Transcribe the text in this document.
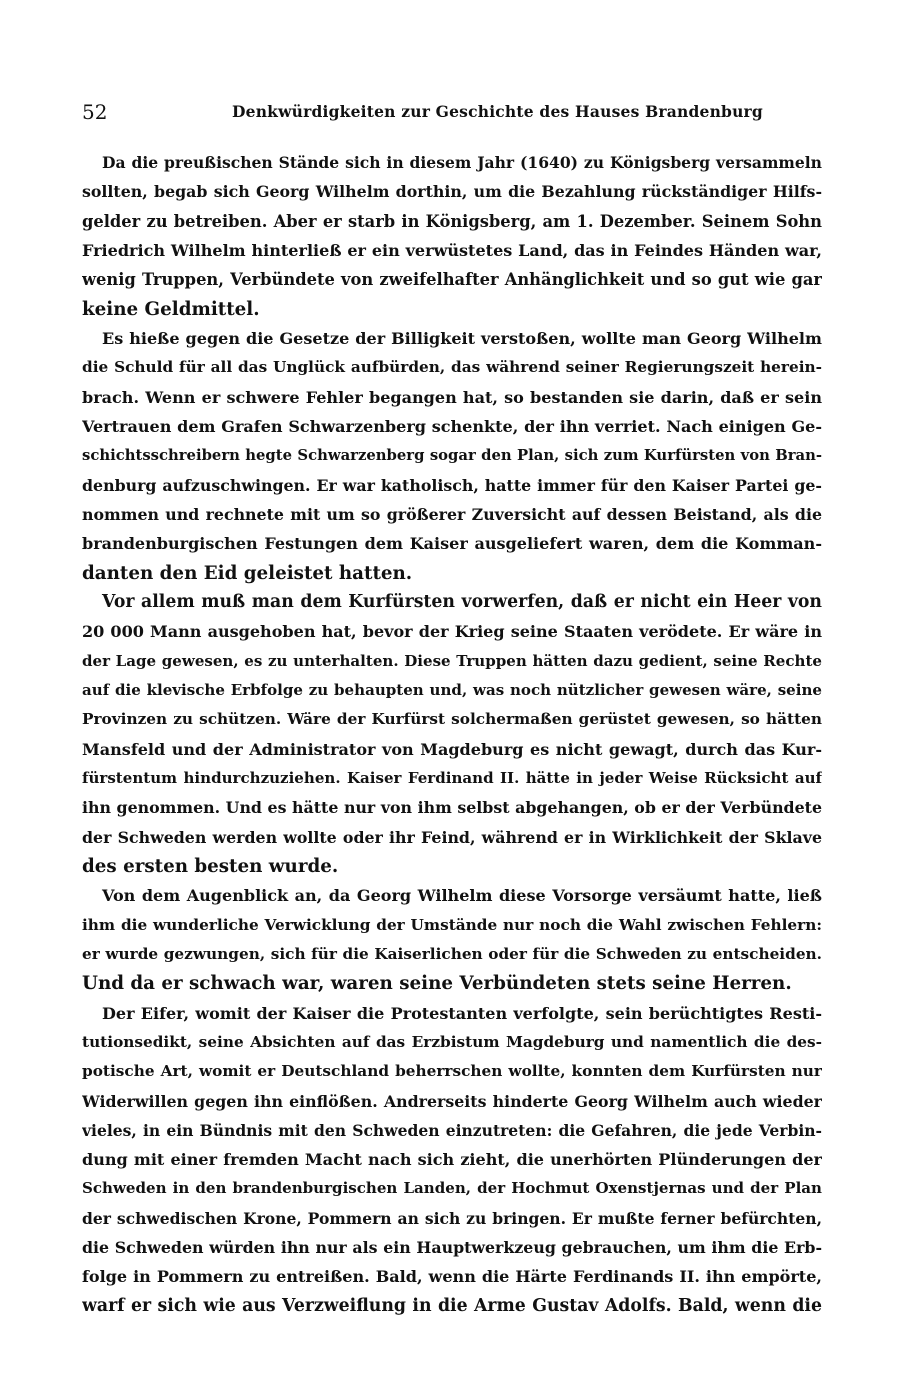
52	Denkwürdigkeiten zur Geschichte des Hauses Brandenburg
Da die preußischen Stände sich in diesem Jahr (1640) zu Königsberg versammeln
sollten, begab sich Georg Wilhelm dorthin, um die Bezahlung rückständiger Hilfs-
gelder zu betreiben. Aber er starb in Königsberg, am 1. Dezember. Seinem Sohn
Friedrich Wilhelm hinterließ er ein verwüstetes Land, das in Feindes Händen war,
wenig Truppen, Verbündete von zweifelhafter Anhänglichkeit und so gut wie gar
keine Geldmittel.
Es hieße gegen die Gesetze der Billigkeit verstoßen, wollte man Georg Wilhelm
die Schuld für all das Unglück aufbürden, das während seiner Regierungszeit herein-
brach. Wenn er schwere Fehler begangen hat, so bestanden sie darin, daß er sein
Vertrauen dem Grafen Schwarzenberg schenkte, der ihn verriet. Nach einigen Ge-
schichtsschreibern hegte Schwarzenberg sogar den Plan, sich zum Kurfürsten von Bran-
denburg aufzuschwingen. Er war katholisch, hatte immer für den Kaiser Partei ge-
nommen und rechnete mit um so größerer Zuversicht auf dessen Beistand, als die
brandenburgischen Festungen dem Kaiser ausgeliefert waren, dem die Komman-
danten den Eid geleistet hatten.
Vor allem muß man dem Kurfürsten vorwerfen, daß er nicht ein Heer von
20 000 Mann ausgehoben hat, bevor der Krieg seine Staaten verödete. Er wäre in
der Lage gewesen, es zu unterhalten. Diese Truppen hätten dazu gedient, seine Rechte
auf die klevische Erbfolge zu behaupten und, was noch nützlicher gewesen wäre, seine
Provinzen zu schützen. Wäre der Kurfürst solchermaßen gerüstet gewesen, so hätten
Mansfeld und der Administrator von Magdeburg es nicht gewagt, durch das Kur-
fürstentum hindurchzuziehen. Kaiser Ferdinand II. hätte in jeder Weise Rücksicht auf
ihn genommen. Und es hätte nur von ihm selbst abgehangen, ob er der Verbündete
der Schweden werden wollte oder ihr Feind, während er in Wirklichkeit der Sklave
des ersten besten wurde.
Von dem Augenblick an, da Georg Wilhelm diese Vorsorge versäumt hatte, ließ
ihm die wunderliche Verwicklung der Umstände nur noch die Wahl zwischen Fehlern:
er wurde gezwungen, sich für die Kaiserlichen oder für die Schweden zu entscheiden.
Und da er schwach war, waren seine Verbündeten stets seine Herren.
Der Eifer, womit der Kaiser die Protestanten verfolgte, sein berüchtigtes Resti-
tutionsedikt, seine Absichten auf das Erzbistum Magdeburg und namentlich die des-
potische Art, womit er Deutschland beherrschen wollte, konnten dem Kurfürsten nur
Widerwillen gegen ihn einflößen. Andrerseits hinderte Georg Wilhelm auch wieder
vieles, in ein Bündnis mit den Schweden einzutreten: die Gefahren, die jede Verbin-
dung mit einer fremden Macht nach sich zieht, die unerhörten Plünderungen der
Schweden in den brandenburgischen Landen, der Hochmut Oxenstjernas und der Plan
der schwedischen Krone, Pommern an sich zu bringen. Er mußte ferner befürchten,
die Schweden würden ihn nur als ein Hauptwerkzeug gebrauchen, um ihm die Erb-
folge in Pommern zu entreißen. Bald, wenn die Härte Ferdinands II. ihn empörte,
warf er sich wie aus Verzweiflung in die Arme Gustav Adolfs. Bald, wenn die
